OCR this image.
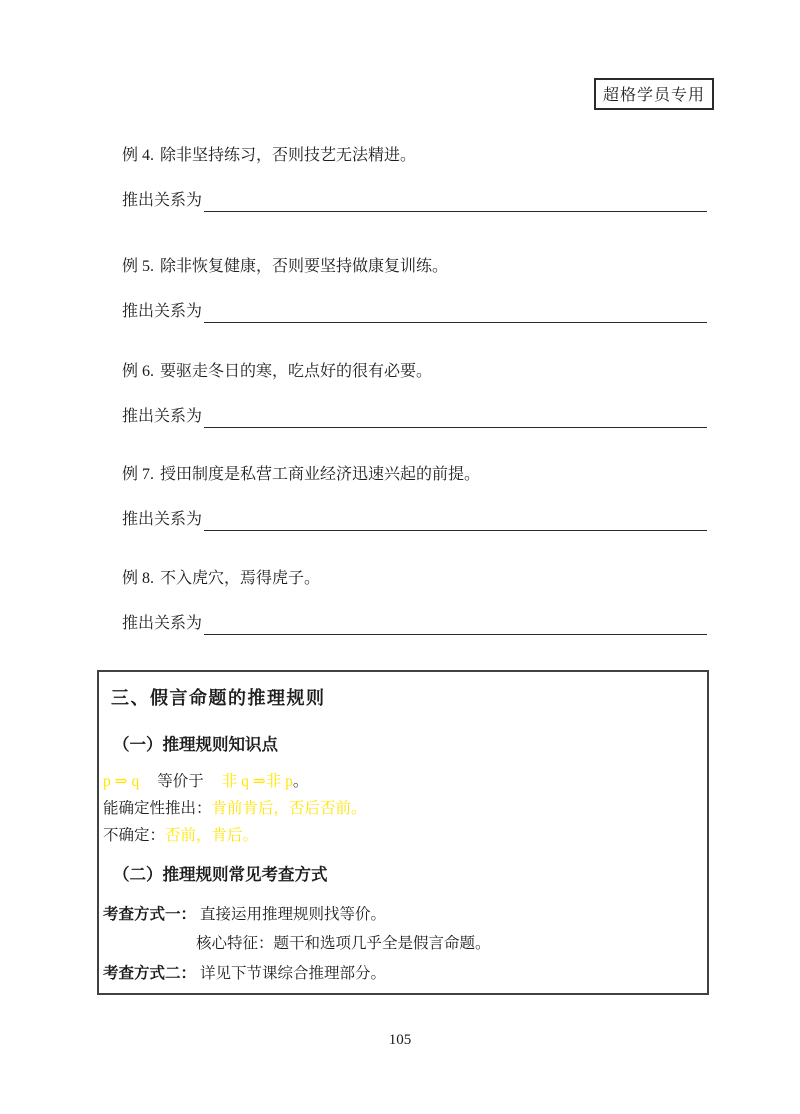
超格学员专用
例 4. 除非坚持练习，否则技艺无法精进。
推出关系为
例 5. 除非恢复健康，否则要坚持做康复训练。
推出关系为
例 6. 要驱走冬日的寒，吃点好的很有必要。
推出关系为
例 7. 授田制度是私营工商业经济迅速兴起的前提。
推出关系为
例 8. 不入虎穴，焉得虎子。
推出关系为
三、假言命题的推理规则
（一）推理规则知识点
p ⇒ q 等价于 非 q ⇒非 p。
能确定性推出：肯前肯后，否后否前。
不确定：否前，肯后。
（二）推理规则常见考查方式
考查方式一： 直接运用推理规则找等价。
核心特征：题干和选项几乎全是假言命题。
考查方式二： 详见下节课综合推理部分。
105
